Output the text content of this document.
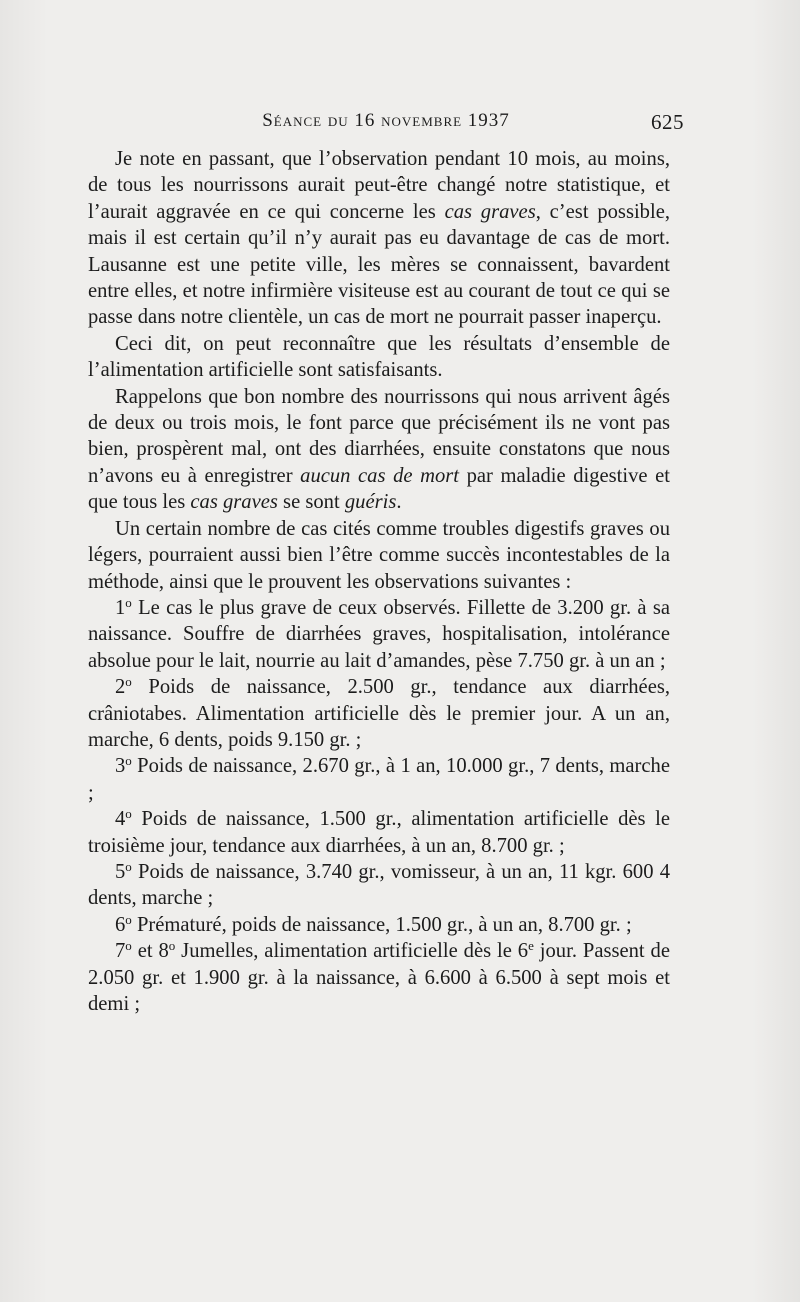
Séance du 16 novembre 1937	625

Je note en passant, que l’observation pendant 10 mois, au moins, de tous les nourrissons aurait peut-être changé notre statistique, et l’aurait aggravée en ce qui concerne les cas graves, c’est possible, mais il est certain qu’il n’y aurait pas eu davantage de cas de mort. Lausanne est une petite ville, les mères se connaissent, bavardent entre elles, et notre infirmière visiteuse est au courant de tout ce qui se passe dans notre clientèle, un cas de mort ne pourrait passer inaperçu.

Ceci dit, on peut reconnaître que les résultats d’ensemble de l’alimentation artificielle sont satisfaisants.

Rappelons que bon nombre des nourrissons qui nous arrivent âgés de deux ou trois mois, le font parce que précisément ils ne vont pas bien, prospèrent mal, ont des diarrhées, ensuite constatons que nous n’avons eu à enregistrer aucun cas de mort par maladie digestive et que tous les cas graves se sont guéris.

Un certain nombre de cas cités comme troubles digestifs graves ou légers, pourraient aussi bien l’être comme succès incontestables de la méthode, ainsi que le prouvent les observations suivantes :

1$^o$ Le cas le plus grave de ceux observés. Fillette de 3.200 gr. à sa naissance. Souffre de diarrhées graves, hospitalisation, intolérance absolue pour le lait, nourrie au lait d’amandes, pèse 7.750 gr. à un an ;

2$^o$ Poids de naissance, 2.500 gr., tendance aux diarrhées, crâniotabes. Alimentation artificielle dès le premier jour. A un an, marche, 6 dents, poids 9.150 gr. ;

3$^o$ Poids de naissance, 2.670 gr., à 1 an, 10.000 gr., 7 dents, marche ;

4$^o$ Poids de naissance, 1.500 gr., alimentation artificielle dès le troisième jour, tendance aux diarrhées, à un an, 8.700 gr. ;

5$^o$ Poids de naissance, 3.740 gr., vomisseur, à un an, 11 kgr. 600 4 dents, marche ;

6$^o$ Prématuré, poids de naissance, 1.500 gr., à un an, 8.700 gr. ;

7$^o$ et 8$^o$ Jumelles, alimentation artificielle dès le 6e jour. Passent de 2.050 gr. et 1.900 gr. à la naissance, à 6.600 à 6.500 à sept mois et demi ;
